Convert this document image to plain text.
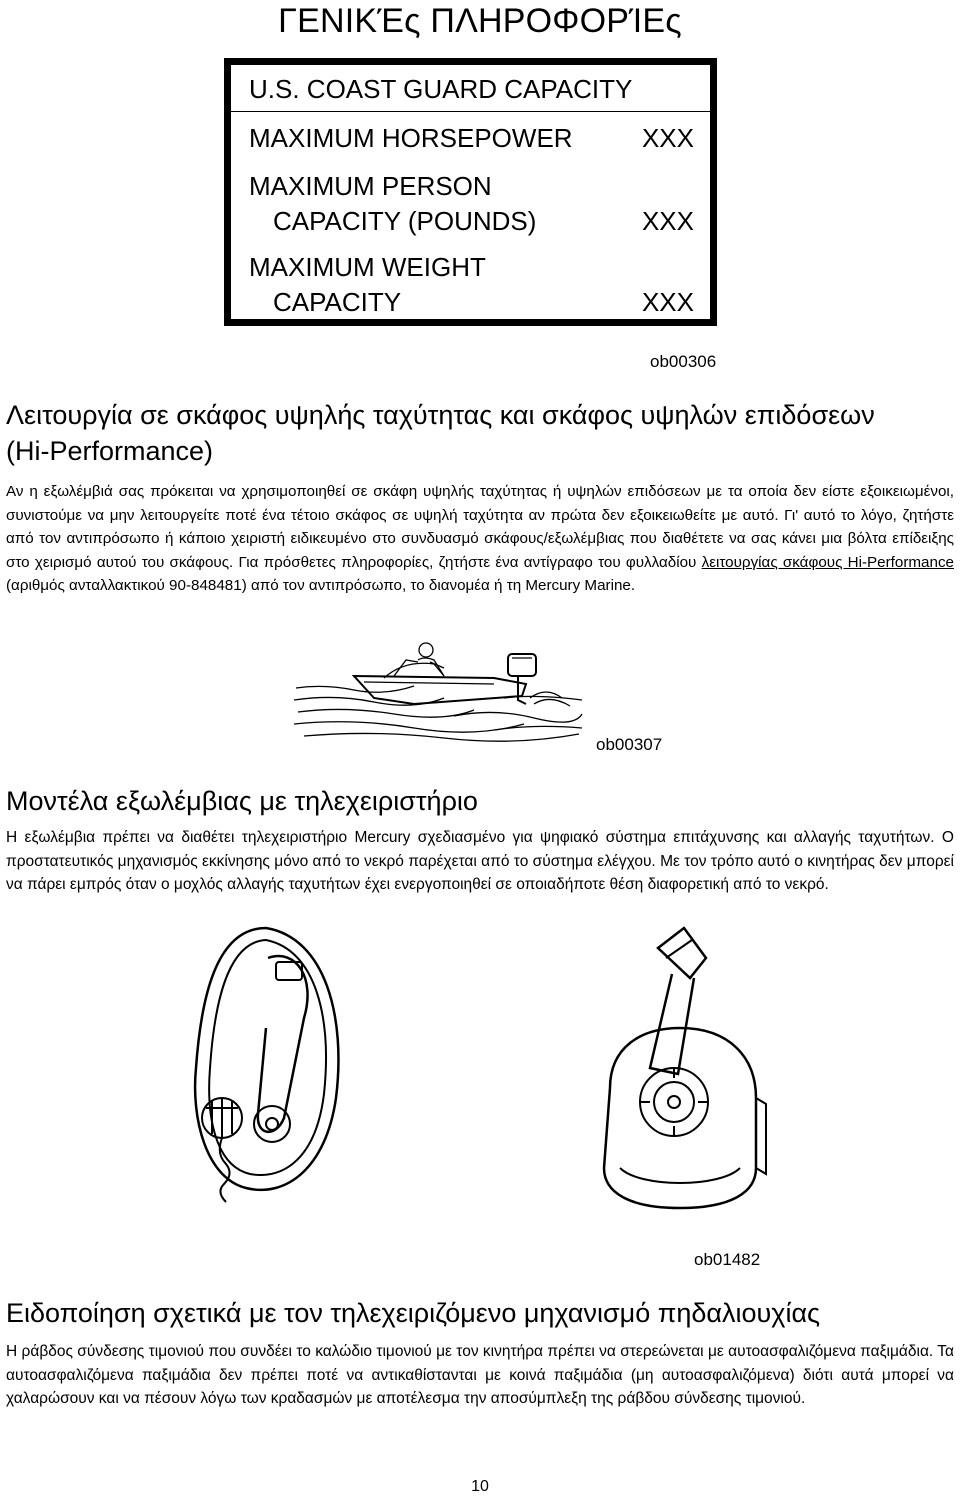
ΓΕΝΙΚΈς ΠΛΗΡΟΦΟΡΊΕς
U.S. COAST GUARD CAPACITY
MAXIMUM HORSEPOWER	XXX
MAXIMUM PERSON
CAPACITY (POUNDS)	XXX
MAXIMUM WEIGHT
CAPACITY	XXX
ob00306
Λειτουργία σε σκάφος υψηλής ταχύτητας και σκάφος υψηλών επιδόσεων
(Hi-Performance)

Αν η εξωλέμβιά σας πρόκειται να χρησιμοποιηθεί σε σκάφη υψηλής ταχύτητας ή υψηλών επιδόσεων με τα οποία δεν είστε εξοικειωμένοι, συνιστούμε να μην λειτουργείτε ποτέ ένα τέτοιο σκάφος σε υψηλή ταχύτητα αν πρώτα δεν εξοικειωθείτε με αυτό. Γι' αυτό το λόγο, ζητήστε από τον αντιπρόσωπο ή κάποιο χειριστή ειδικευμένο στο συνδυασμό σκάφους/εξωλέμβιας που διαθέτετε να σας κάνει μια βόλτα επίδειξης στο χειρισμό αυτού του σκάφους. Για πρόσθετες πληροφορίες, ζητήστε ένα αντίγραφο του φυλλαδίου λειτουργίας σκάφους Hi-Performance (αριθμός ανταλλακτικού 90-848481) από τον αντιπρόσωπο, το διανομέα ή τη Mercury Marine.

ob00307
Μοντέλα εξωλέμβιας με τηλεχειριστήριο

Η εξωλέμβια πρέπει να διαθέτει τηλεχειριστήριο Mercury σχεδιασμένο για ψηφιακό σύστημα επιτάχυνσης και αλλαγής ταχυτήτων. Ο προστατευτικός μηχανισμός εκκίνησης μόνο από το νεκρό παρέχεται από το σύστημα ελέγχου. Με τον τρόπο αυτό ο κινητήρας δεν μπορεί να πάρει εμπρός όταν ο μοχλός αλλαγής ταχυτήτων έχει ενεργοποιηθεί σε οποιαδήποτε θέση διαφορετική από το νεκρό.

ob01482
Ειδοποίηση σχετικά με τον τηλεχειριζόμενο μηχανισμό πηδαλιουχίας

Η ράβδος σύνδεσης τιμονιού που συνδέει το καλώδιο τιμονιού με τον κινητήρα πρέπει να στερεώνεται με αυτοασφαλιζόμενα παξιμάδια. Τα αυτοασφαλιζόμενα παξιμάδια δεν πρέπει ποτέ να αντικαθίστανται με κοινά παξιμάδια (μη αυτοασφαλιζόμενα) διότι αυτά μπορεί να χαλαρώσουν και να πέσουν λόγω των κραδασμών με αποτέλεσμα την αποσύμπλεξη της ράβδου σύνδεσης τιμονιού.

10
